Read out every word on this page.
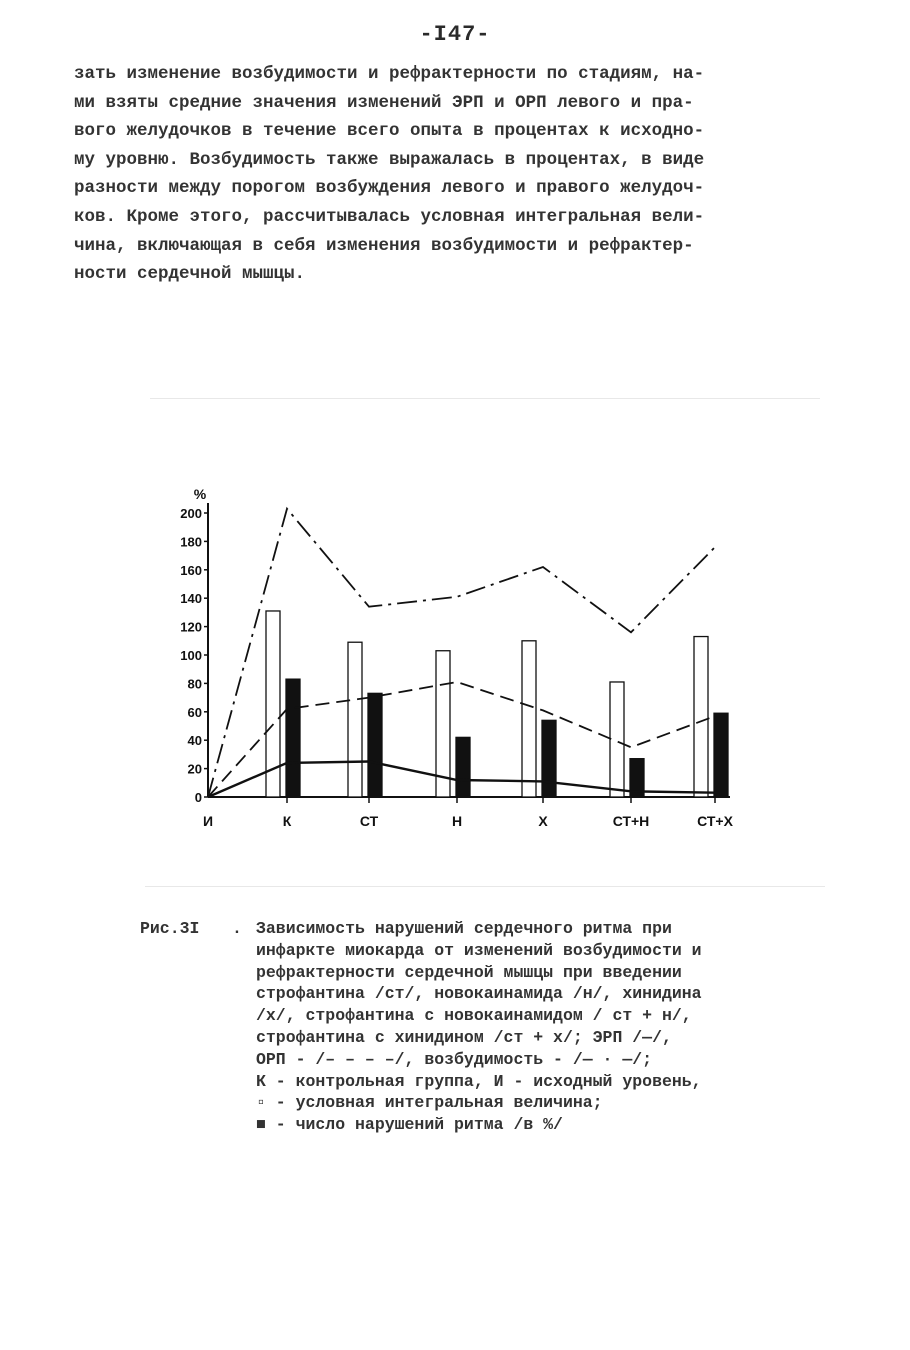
-I47-
зать изменение возбудимости и рефрактерности по стадиям, на-
ми взяты средние значения изменений ЭРП и ОРП левого и пра-
вого желудочков в течение всего опыта в процентах к исходно-
му уровню. Возбудимость также выражалась в процентах, в виде
разности между порогом возбуждения левого и правого желудоч-
ков. Кроме этого, рассчитывалась условная интегральная вели-
чина, включающая в себя изменения возбудимости и рефрактер-
ности сердечной мышцы.
%
0
20
40
60
80
100
120
140
160
180
200
И	К	СТ	Н	Х	СТ+Н	СТ+Х
Рис.3I . Зависимость нарушений сердечного ритма при
инфаркте миокарда от изменений возбудимости и
рефрактерности сердечной мышцы при введении
строфантина /ст/, новокаинамида /н/, хинидина
/х/, строфантина с новокаинамидом / ст + н/,
строфантина с хинидином /ст + х/; ЭРП /—/,
ОРП - /– – – –/, возбудимость - /— · —/;
К - контрольная группа, И - исходный уровень,
▫ - условная интегральная величина;
■ - число нарушений ритма /в %/
